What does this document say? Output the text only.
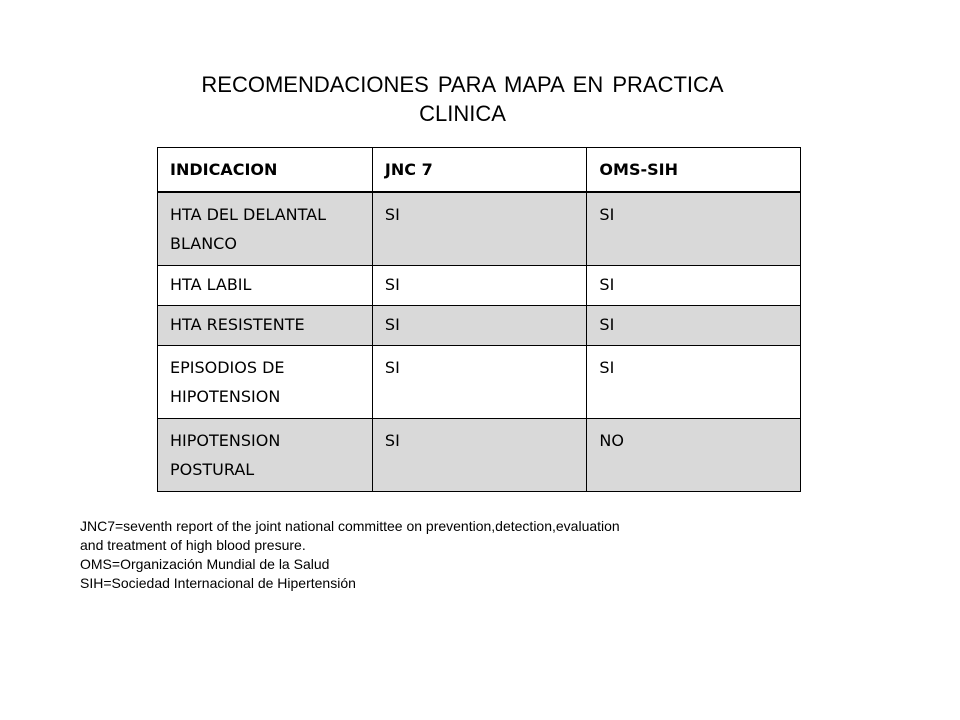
RECOMENDACIONES PARA MAPA EN PRACTICA
CLINICA
INDICACION	JNC 7	OMS-SIH
HTA DEL DELANTAL BLANCO	SI	SI
HTA LABIL	SI	SI
HTA RESISTENTE	SI	SI
EPISODIOS DE HIPOTENSION	SI	SI
HIPOTENSION POSTURAL	SI	NO
JNC7=seventh report of the joint national committee on prevention,detection,evaluation
and treatment of high blood presure.
OMS=Organización Mundial de la Salud
SIH=Sociedad Internacional de Hipertensión
